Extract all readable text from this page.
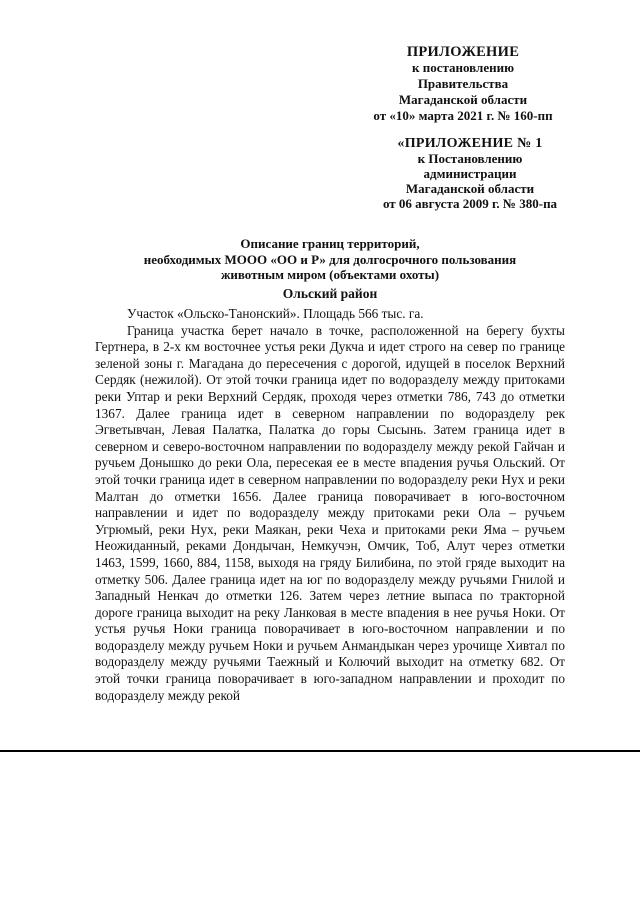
ПРИЛОЖЕНИЕ
к постановлению
Правительства
Магаданской области
от «10» марта 2021 г. № 160-пп
«ПРИЛОЖЕНИЕ № 1
к Постановлению
администрации
Магаданской области
от 06 августа 2009 г. № 380-па
Описание границ территорий,
необходимых МООО «ОО и Р» для долгосрочного пользования
животным миром (объектами охоты)
Ольский район

Участок «Ольско-Танонский». Площадь 566 тыс. га.

Граница участка берет начало в точке, расположенной на берегу бухты Гертнера, в 2-х км восточнее устья реки Дукча и идет строго на север по границе зеленой зоны г. Магадана до пересечения с дорогой, идущей в поселок Верхний Сердяк (нежилой). От этой точки граница идет по водоразделу между притоками реки Уптар и реки Верхний Сердяк, проходя через отметки 786, 743 до отметки 1367. Далее граница идет в северном направлении по водоразделу рек Эгветывчан, Левая Палатка, Палатка до горы Сысынь. Затем граница идет в северном и северо-восточном направлении по водоразделу между рекой Гайчан и ручьем Донышко до реки Ола, пересекая ее в месте впадения ручья Ольский. От этой точки граница идет в северном направлении по водоразделу реки Нух и реки Малтан до отметки 1656. Далее граница поворачивает в юго-восточном направлении и идет по водоразделу между притоками реки Ола – ручьем Угрюмый, реки Нух, реки Маякан, реки Чеха и притоками реки Яма – ручьем Неожиданный, реками Дондычан, Немкучэн, Омчик, Тоб, Алут через отметки 1463, 1599, 1660, 884, 1158, выходя на гряду Билибина, по этой гряде выходит на отметку 506. Далее граница идет на юг по водоразделу между ручьями Гнилой и Западный Ненкач до отметки 126. Затем через летние выпаса по тракторной дороге граница выходит на реку Ланковая в месте впадения в нее ручья Ноки. От устья ручья Ноки граница поворачивает в юго-восточном направлении и по водоразделу между ручьем Ноки и ручьем Анмандыкан через урочище Хивтал по водоразделу между ручьями Таежный и Колючий выходит на отметку 682. От этой точки граница поворачивает в юго-западном направлении и проходит по водоразделу между рекой
